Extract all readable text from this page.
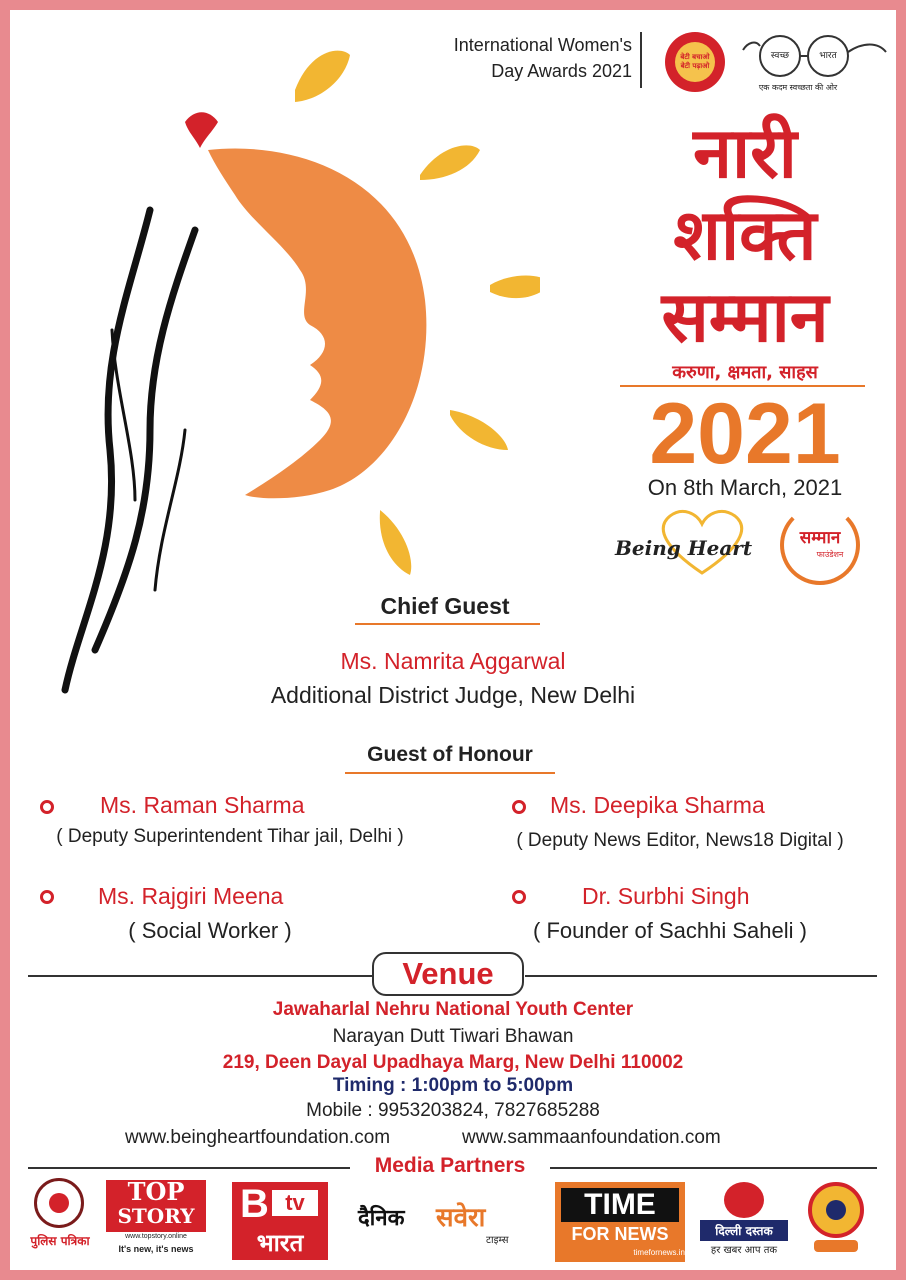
International Women's
Day Awards 2021
बेटी बचाओ
बेटी पढ़ाओ
स्वच्छ	भारत
एक कदम स्वच्छता की ओर
नारी
शक्ति
सम्मान
करुणा, क्षमता, साहस
2021
On 8th March, 2021
Being Heart	सम्मान
फाउंडेशन
Chief Guest
Ms. Namrita Aggarwal
Additional District Judge, New Delhi
Guest of Honour
Ms. Raman Sharma
( Deputy Superintendent Tihar jail, Delhi )
Ms. Deepika Sharma
( Deputy News Editor, News18 Digital )
Ms. Rajgiri Meena
( Social Worker )
Dr. Surbhi Singh
( Founder of Sachhi Saheli )
Venue
Jawaharlal Nehru National Youth Center
Narayan Dutt Tiwari Bhawan
219, Deen Dayal Upadhaya Marg, New Delhi 110002
Timing : 1:00pm to 5:00pm
Mobile : 9953203824, 7827685288
www.beingheartfoundation.com	www.sammaanfoundation.com
Media Partners
पुलिस पत्रिका
TOP
STORY
www.topstory.online
It's new, it's news
B tv
भारत
दैनिक सवेरा
टाइम्स
TIME
FOR NEWS
timefornews.in
दिल्ली दस्तक
हर खबर आप तक
